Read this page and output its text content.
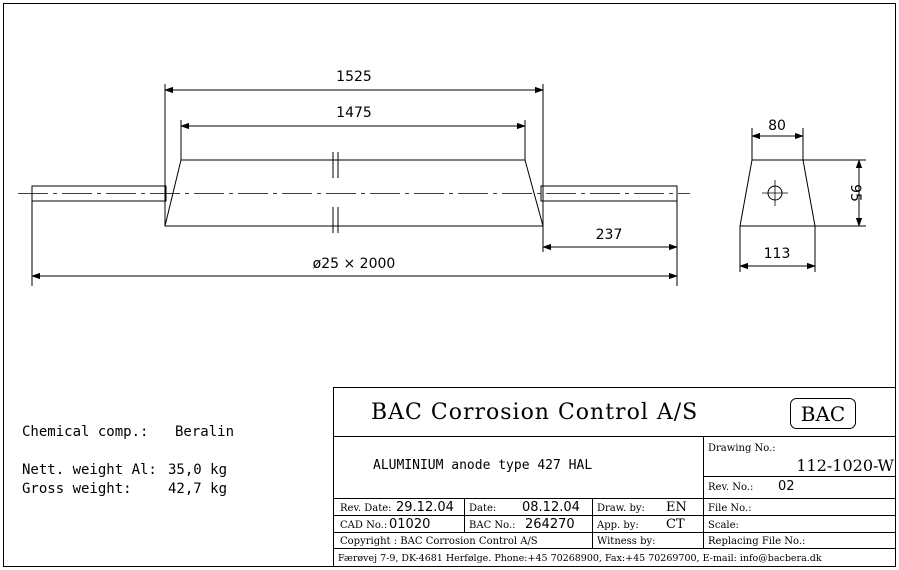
1525
1475
237
ø25 × 2000
80
95
113
Chemical comp.: Beralin
Nett. weight Al: 35,0 kg
Gross weight:	42,7 kg
BAC Corrosion Control A/S	BAC
ALUMINIUM anode type 427 HAL
Drawing No.:
112-1020-W
Rev. No.: 02
Rev. Date: 29.12.04 Date: 08.12.04 Draw. by: EN File No.:
CAD No.: 01020	BAC No.: 264270 App. by: CT Scale:
Copyright : BAC Corrosion Control A/S	Witness by:	Replacing File No.:
Færøvej 7-9, DK-4681 Herfølge. Phone:+45 70268900, Fax:+45 70269700, E-mail: info@bacbera.dk
